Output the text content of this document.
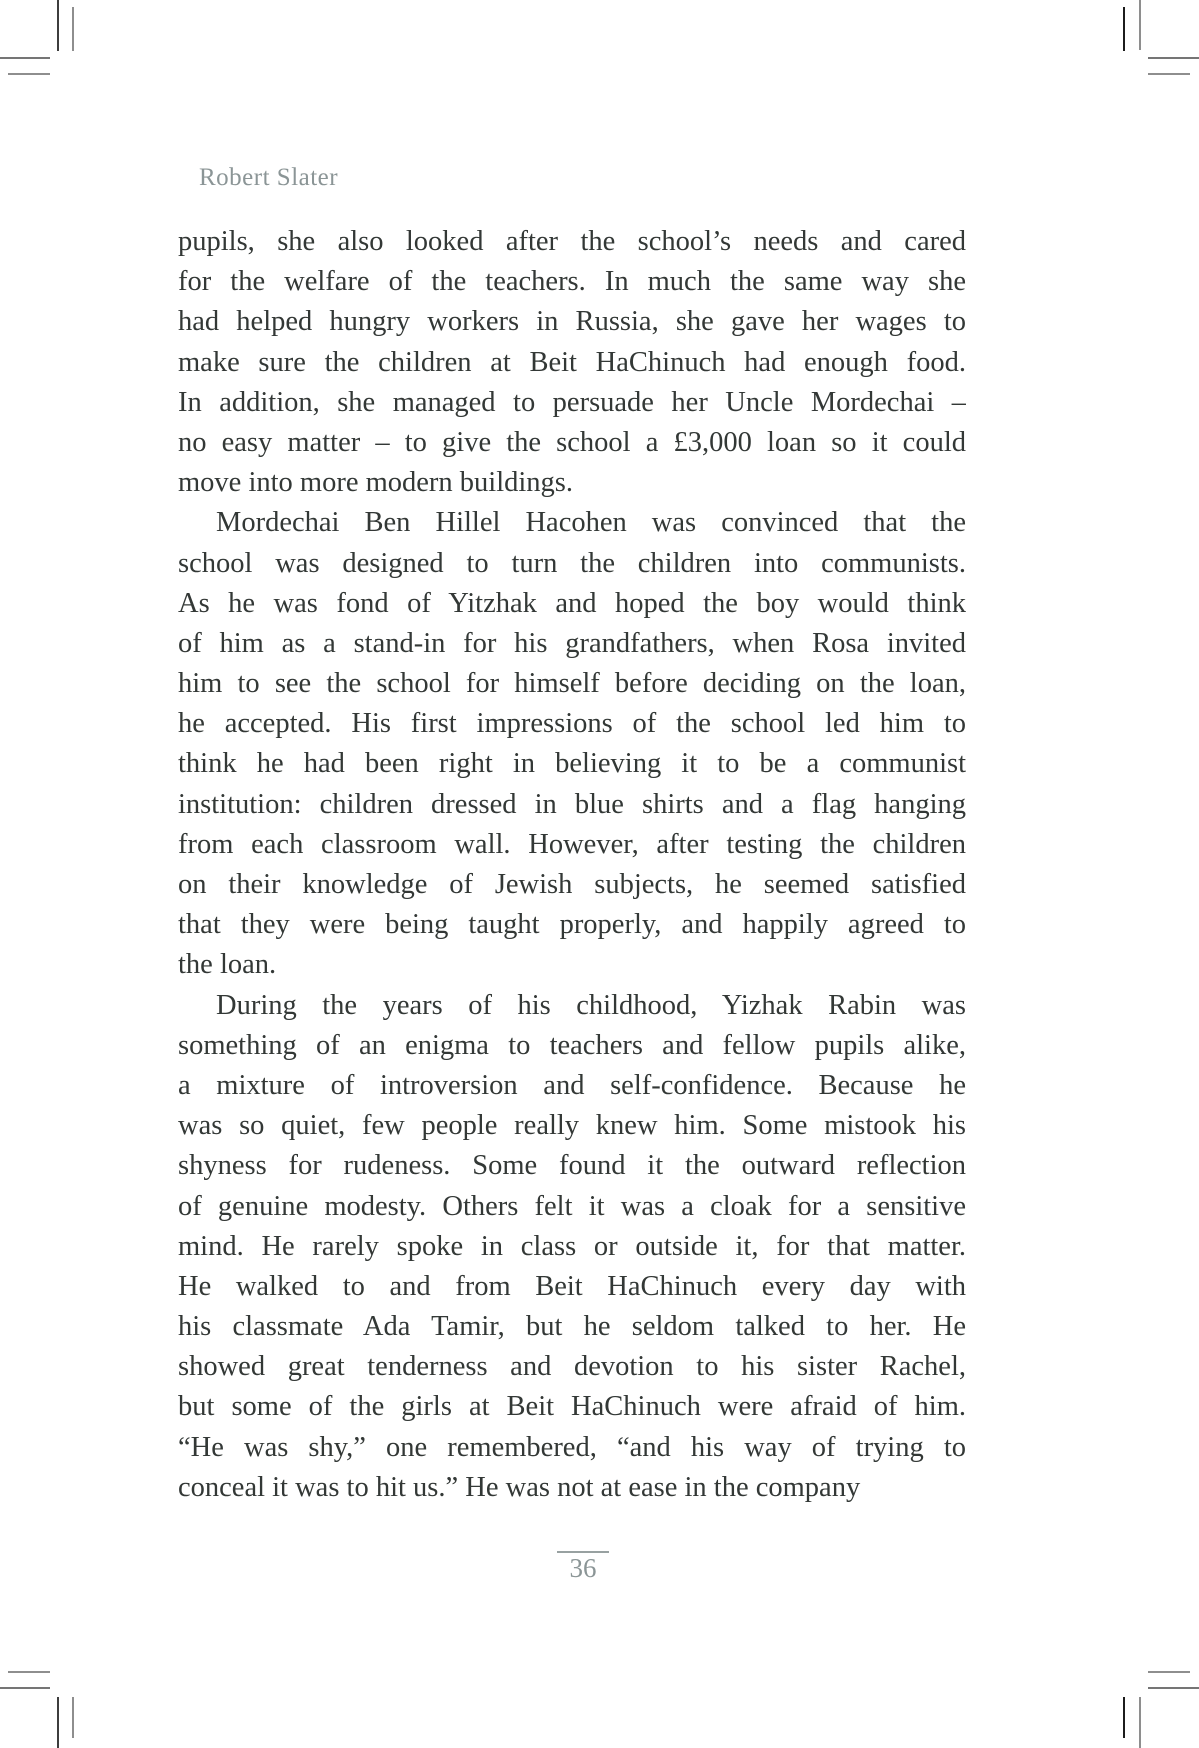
Robert Slater
pupils, she also looked after the school’s needs and cared
for the welfare of the teachers. In much the same way she
had helped hungry workers in Russia, she gave her wages to
make sure the children at Beit HaChinuch had enough food.
In addition, she managed to persuade her Uncle Mordechai –
no easy matter – to give the school a £3,000 loan so it could
move into more modern buildings.
Mordechai Ben Hillel Hacohen was convinced that the
school was designed to turn the children into communists.
As he was fond of Yitzhak and hoped the boy would think
of him as a stand-in for his grandfathers, when Rosa invited
him to see the school for himself before deciding on the loan,
he accepted. His first impressions of the school led him to
think he had been right in believing it to be a communist
institution: children dressed in blue shirts and a flag hanging
from each classroom wall. However, after testing the children
on their knowledge of Jewish subjects, he seemed satisfied
that they were being taught properly, and happily agreed to
the loan.
During the years of his childhood, Yizhak Rabin was
something of an enigma to teachers and fellow pupils alike,
a mixture of introversion and self-confidence. Because he
was so quiet, few people really knew him. Some mistook his
shyness for rudeness. Some found it the outward reflection
of genuine modesty. Others felt it was a cloak for a sensitive
mind. He rarely spoke in class or outside it, for that matter.
He walked to and from Beit HaChinuch every day with
his classmate Ada Tamir, but he seldom talked to her. He
showed great tenderness and devotion to his sister Rachel,
but some of the girls at Beit HaChinuch were afraid of him.
“He was shy,” one remembered, “and his way of trying to
conceal it was to hit us.” He was not at ease in the company
36
